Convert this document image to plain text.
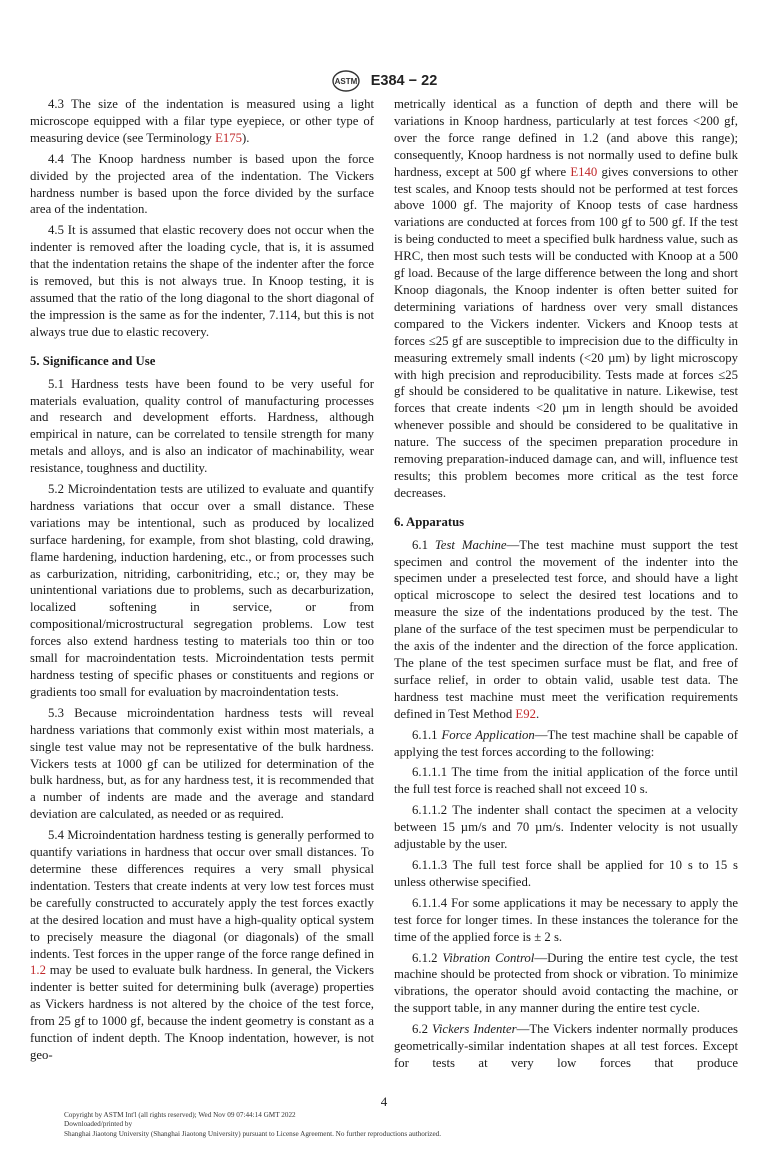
ASTM E384 − 22

4.3 The size of the indentation is measured using a light microscope equipped with a filar type eyepiece, or other type of measuring device (see Terminology E175).

4.4 The Knoop hardness number is based upon the force divided by the projected area of the indentation. The Vickers hardness number is based upon the force divided by the surface area of the indentation.

4.5 It is assumed that elastic recovery does not occur when the indenter is removed after the loading cycle, that is, it is assumed that the indentation retains the shape of the indenter after the force is removed, but this is not always true. In Knoop testing, it is assumed that the ratio of the long diagonal to the short diagonal of the impression is the same as for the indenter, 7.114, but this is not always true due to elastic recovery.

5. Significance and Use

5.1 Hardness tests have been found to be very useful for materials evaluation, quality control of manufacturing processes and research and development efforts. Hardness, although empirical in nature, can be correlated to tensile strength for many metals and alloys, and is also an indicator of machinability, wear resistance, toughness and ductility.

5.2 Microindentation tests are utilized to evaluate and quantify hardness variations that occur over a small distance. These variations may be intentional, such as produced by localized surface hardening, for example, from shot blasting, cold drawing, flame hardening, induction hardening, etc., or from processes such as carburization, nitriding, carbonitriding, etc.; or, they may be unintentional variations due to problems, such as decarburization, localized softening in service, or from compositional/microstructural segregation problems. Low test forces also extend hardness testing to materials too thin or too small for macroindentation tests. Microindentation tests permit hardness testing of specific phases or constituents and regions or gradients too small for evaluation by macroindentation tests.

5.3 Because microindentation hardness tests will reveal hardness variations that commonly exist within most materials, a single test value may not be representative of the bulk hardness. Vickers tests at 1000 gf can be utilized for determination of the bulk hardness, but, as for any hardness test, it is recommended that a number of indents are made and the average and standard deviation are calculated, as needed or as required.

5.4 Microindentation hardness testing is generally performed to quantify variations in hardness that occur over small distances. To determine these differences requires a very small physical indentation. Testers that create indents at very low test forces must be carefully constructed to accurately apply the test forces exactly at the desired location and must have a high-quality optical system to precisely measure the diagonal (or diagonals) of the small indents. Test forces in the upper range of the force range defined in 1.2 may be used to evaluate bulk hardness. In general, the Vickers indenter is better suited for determining bulk (average) properties as Vickers hardness is not altered by the choice of the test force, from 25 gf to 1000 gf, because the indent geometry is constant as a function of indent depth. The Knoop indentation, however, is not geo-

metrically identical as a function of depth and there will be variations in Knoop hardness, particularly at test forces <200 gf, over the force range defined in 1.2 (and above this range); consequently, Knoop hardness is not normally used to define bulk hardness, except at 500 gf where E140 gives conversions to other test scales, and Knoop tests should not be performed at test forces above 1000 gf. The majority of Knoop tests of case hardness variations are conducted at forces from 100 gf to 500 gf. If the test is being conducted to meet a specified bulk hardness value, such as HRC, then most such tests will be conducted with Knoop at a 500 gf load. Because of the large difference between the long and short Knoop diagonals, the Knoop indenter is often better suited for determining variations of hardness over very small distances compared to the Vickers indenter. Vickers and Knoop tests at forces ≤25 gf are susceptible to imprecision due to the difficulty in measuring extremely small indents (<20 µm) by light microscopy with high precision and reproducibility. Tests made at forces ≤25 gf should be considered to be qualitative in nature. Likewise, test forces that create indents <20 µm in length should be avoided whenever possible and should be considered to be qualitative in nature. The success of the specimen preparation procedure in removing preparation-induced damage can, and will, influence test results; this problem becomes more critical as the test force decreases.

6. Apparatus

6.1 Test Machine—The test machine must support the test specimen and control the movement of the indenter into the specimen under a preselected test force, and should have a light optical microscope to select the desired test locations and to measure the size of the indentations produced by the test. The plane of the surface of the test specimen must be perpendicular to the axis of the indenter and the direction of the force application. The plane of the test specimen surface must be flat, and free of surface relief, in order to obtain valid, usable test data. The hardness test machine must meet the verification requirements defined in Test Method E92.

6.1.1 Force Application—The test machine shall be capable of applying the test forces according to the following:

6.1.1.1 The time from the initial application of the force until the full test force is reached shall not exceed 10 s.

6.1.1.2 The indenter shall contact the specimen at a velocity between 15 µm/s and 70 µm/s. Indenter velocity is not usually adjustable by the user.

6.1.1.3 The full test force shall be applied for 10 s to 15 s unless otherwise specified.

6.1.1.4 For some applications it may be necessary to apply the test force for longer times. In these instances the tolerance for the time of the applied force is ± 2 s.

6.1.2 Vibration Control—During the entire test cycle, the test machine should be protected from shock or vibration. To minimize vibrations, the operator should avoid contacting the machine, or the support table, in any manner during the entire test cycle.

6.2 Vickers Indenter—The Vickers indenter normally produces geometrically-similar indentation shapes at all test forces. Except for tests at very low forces that produce

4
Copyright by ASTM Int'l (all rights reserved); Wed Nov 09 07:44:14 GMT 2022
Downloaded/printed by
Shanghai Jiaotong University (Shanghai Jiaotong University) pursuant to License Agreement. No further reproductions authorized.
